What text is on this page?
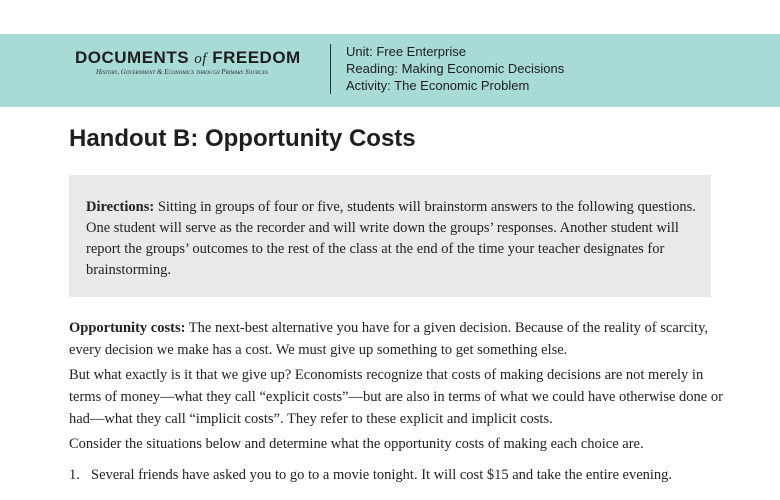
DOCUMENTS of FREEDOM
History, Government & Economics through Primary Sources
Unit: Free Enterprise
Reading: Making Economic Decisions
Activity: The Economic Problem
Handout B: Opportunity Costs
Directions: Sitting in groups of four or five, students will brainstorm answers to the following questions. One student will serve as the recorder and will write down the groups’ responses. Another student will report the groups’ outcomes to the rest of the class at the end of the time your teacher designates for brainstorming.
Opportunity costs: The next-best alternative you have for a given decision. Because of the reality of scarcity, every decision we make has a cost. We must give up something to get something else.
But what exactly is it that we give up? Economists recognize that costs of making decisions are not merely in terms of money—what they call “explicit costs”—but are also in terms of what we could have otherwise done or had—what they call “implicit costs”. They refer to these explicit and implicit costs.
Consider the situations below and determine what the opportunity costs of making each choice are.
1. Several friends have asked you to go to a movie tonight. It will cost $15 and take the entire evening.
